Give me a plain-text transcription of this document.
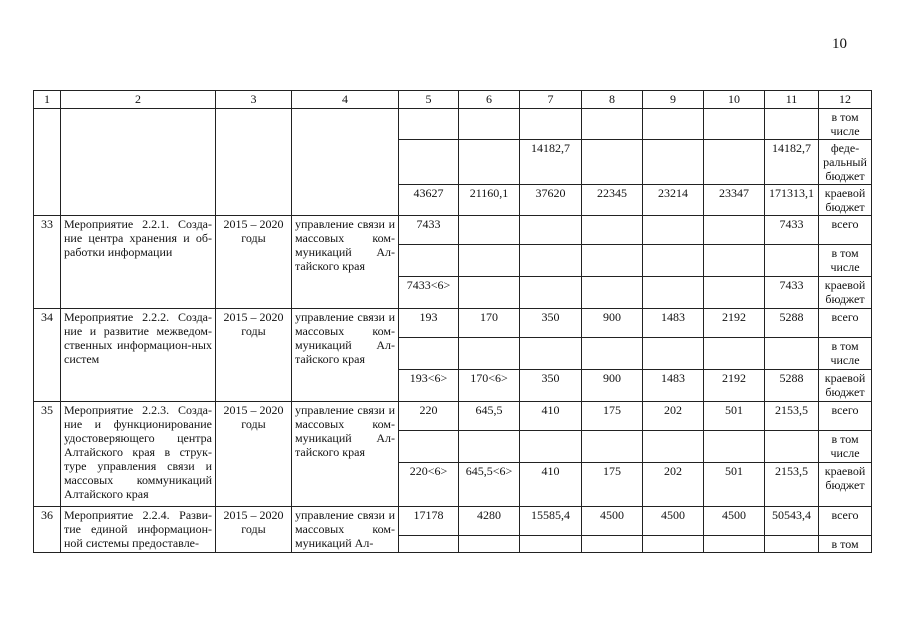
10
1	2	3	4	5	6	7	8	9	10	11	12
											в том числе
						14182,7				14182,7	феде-ральный бюджет
				43627	21160,1	37620	22345	23214	23347	171313,1	краевой бюджет
33	Мероприятие 2.2.1. Созда-ние центра хранения и об-работки информации	2015 – 2020 годы	управление связи и массовых ком-муникаций Ал-тайского края	7433						7433	всего
											в том числе
				7433<6>						7433	краевой бюджет
34	Мероприятие 2.2.2. Созда-ние и развитие межведом-ственных информацион-ных систем	2015 – 2020 годы	управление связи и массовых ком-муникаций Ал-тайского края	193	170	350	900	1483	2192	5288	всего
											в том числе
				193<6>	170<6>	350	900	1483	2192	5288	краевой бюджет
35	Мероприятие 2.2.3. Созда-ние и функционирование удостоверяющего центра Алтайского края в струк-туре управления связи и массовых коммуникаций Алтайского края	2015 – 2020 годы	управление связи и массовых ком-муникаций Ал-тайского края	220	645,5	410	175	202	501	2153,5	всего
											в том числе
				220<6>	645,5<6>	410	175	202	501	2153,5	краевой бюджет
36	Мероприятие 2.2.4. Разви-тие единой информацион-ной системы предоставле-	2015 – 2020 годы	управление связи и массовых ком-муникаций Ал-	17178	4280	15585,4	4500	4500	4500	50543,4	всего
											в том
